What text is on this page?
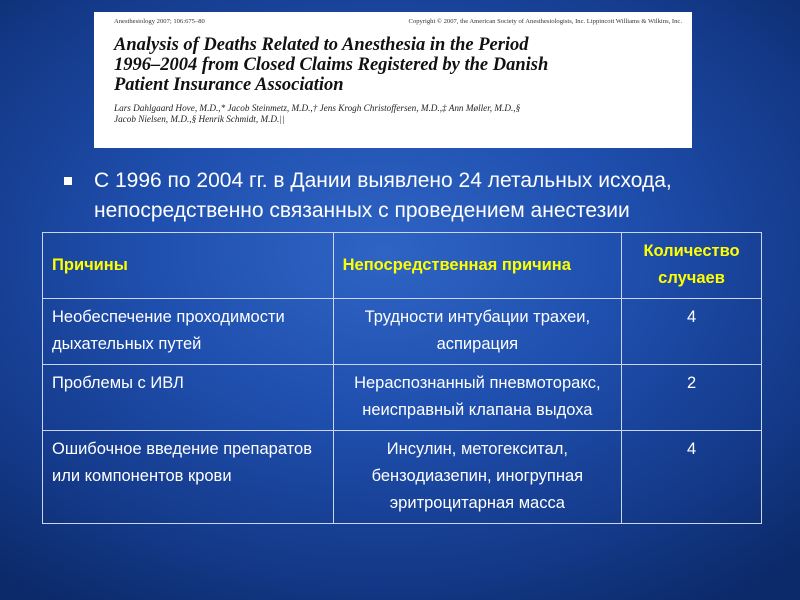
Anesthesiology 2007; 106:675–80	Copyright © 2007, the American Society of Anesthesiologists, Inc. Lippincott Williams & Wilkins, Inc.
Analysis of Deaths Related to Anesthesia in the Period
1996–2004 from Closed Claims Registered by the Danish
Patient Insurance Association
Lars Dahlgaard Hove, M.D.,* Jacob Steinmetz, M.D.,† Jens Krogh Christoffersen, M.D.,‡ Ann Møller, M.D.,§
Jacob Nielsen, M.D.,§ Henrik Schmidt, M.D.||
С 1996 по 2004 гг. в Дании выявлено 24 летальных исхода,
непосредственно связанных с проведением анестезии
Причины	Непосредственная причина	Количество случаев
Необеспечение проходимости дыхательных путей	Трудности интубации трахеи, аспирация	4
Проблемы с ИВЛ	Нераспознанный пневмоторакс, неисправный клапана выдоха	2
Ошибочное введение препаратов или компонентов крови	Инсулин, метогекситал, бензодиазепин, иногрупная эритроцитарная масса	4
